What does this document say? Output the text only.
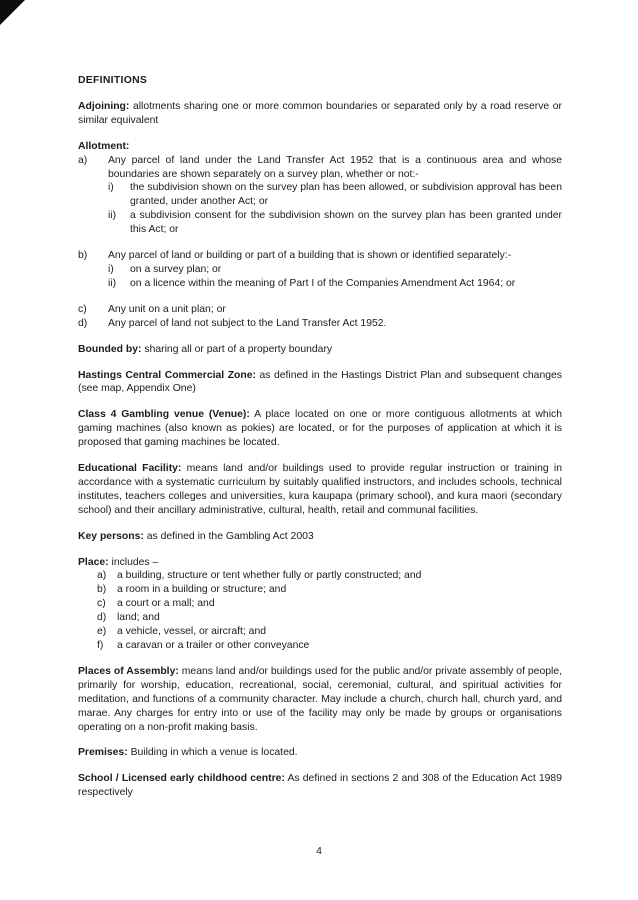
DEFINITIONS

Adjoining: allotments sharing one or more common boundaries or separated only by a road reserve or similar equivalent

Allotment:
a)	Any parcel of land under the Land Transfer Act 1952 that is a continuous area and whose boundaries are shown separately on a survey plan, whether or not:-
i)	the subdivision shown on the survey plan has been allowed, or subdivision approval has been granted, under another Act; or
ii)	a subdivision consent for the subdivision shown on the survey plan has been granted under this Act; or
b)	Any parcel of land or building or part of a building that is shown or identified separately:-
i)	on a survey plan; or
ii)	on a licence within the meaning of Part I of the Companies Amendment Act 1964; or
c)	Any unit on a unit plan; or
d)	Any parcel of land not subject to the Land Transfer Act 1952.

Bounded by: sharing all or part of a property boundary

Hastings Central Commercial Zone: as defined in the Hastings District Plan and subsequent changes (see map, Appendix One)

Class 4 Gambling venue (Venue): A place located on one or more contiguous allotments at which gaming machines (also known as pokies) are located, or for the purposes of application at which it is proposed that gaming machines be located.

Educational Facility: means land and/or buildings used to provide regular instruction or training in accordance with a systematic curriculum by suitably qualified instructors, and includes schools, technical institutes, teachers colleges and universities, kura kaupapa (primary school), and kura maori (secondary school) and their ancillary administrative, cultural, health, retail and communal facilities.

Key persons: as defined in the Gambling Act 2003

Place: includes –
a)	a building, structure or tent whether fully or partly constructed; and
b)	a room in a building or structure; and
c)	a court or a mall; and
d)	land; and
e)	a vehicle, vessel, or aircraft; and
f)	a caravan or a trailer or other conveyance

Places of Assembly: means land and/or buildings used for the public and/or private assembly of people, primarily for worship, education, recreational, social, ceremonial, cultural, and spiritual activities for meditation, and functions of a community character. May include a church, church hall, church yard, and marae. Any charges for entry into or use of the facility may only be made by groups or organisations operating on a non-profit making basis.

Premises: Building in which a venue is located.

School / Licensed early childhood centre: As defined in sections 2 and 308 of the Education Act 1989 respectively

4
